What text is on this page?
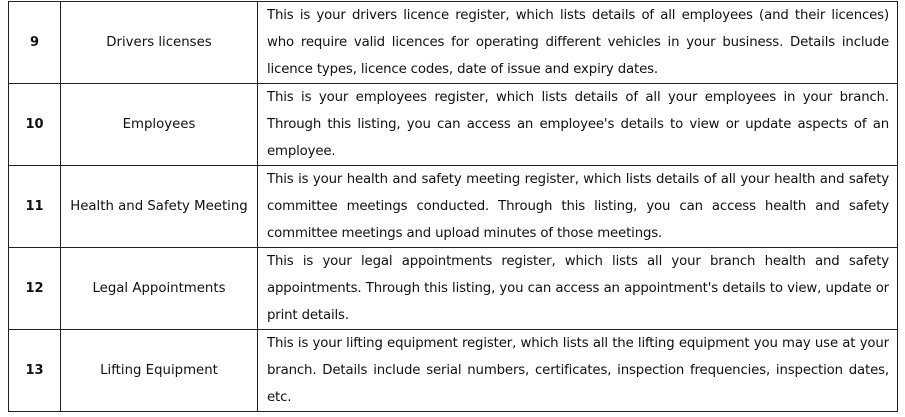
9	Drivers licenses	This is your drivers licence register, which lists details of all employees (and their licences) who require valid licences for operating different vehicles in your business. Details include licence types, licence codes, date of issue and expiry dates.
10	Employees	This is your employees register, which lists details of all your employees in your branch. Through this listing, you can access an employee's details to view or update aspects of an employee.
11	Health and Safety Meeting	This is your health and safety meeting register, which lists details of all your health and safety committee meetings conducted. Through this listing, you can access health and safety committee meetings and upload minutes of those meetings.
12	Legal Appointments	This is your legal appointments register, which lists all your branch health and safety appointments. Through this listing, you can access an appointment's details to view, update or print details.
13	Lifting Equipment	This is your lifting equipment register, which lists all the lifting equipment you may use at your branch. Details include serial numbers, certificates, inspection frequencies, inspection dates, etc.
